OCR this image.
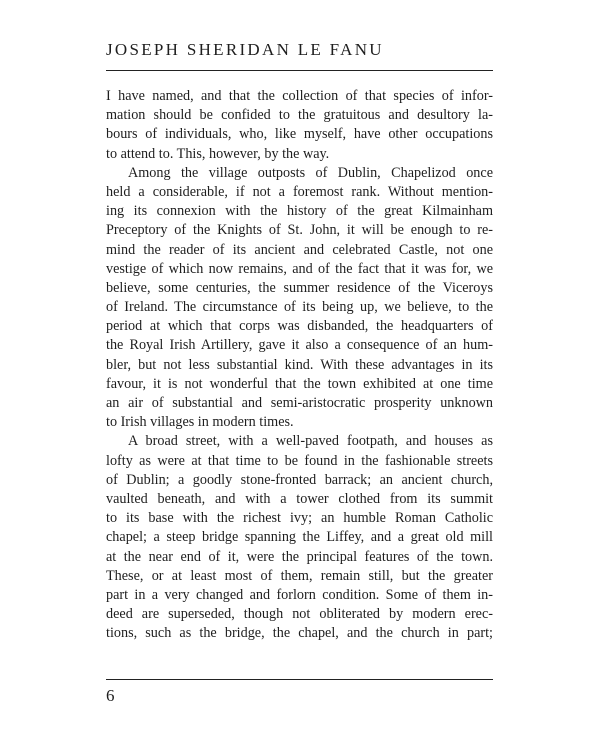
JOSEPH SHERIDAN LE FANU
I have named, and that the collection of that species of infor-
mation should be confided to the gratuitous and desultory la-
bours of individuals, who, like myself, have other occupations
to attend to. This, however, by the way.
Among the village outposts of Dublin, Chapelizod once
held a considerable, if not a foremost rank. Without mention-
ing its connexion with the history of the great Kilmainham
Preceptory of the Knights of St. John, it will be enough to re-
mind the reader of its ancient and celebrated Castle, not one
vestige of which now remains, and of the fact that it was for, we
believe, some centuries, the summer residence of the Viceroys
of Ireland. The circumstance of its being up, we believe, to the
period at which that corps was disbanded, the headquarters of
the Royal Irish Artillery, gave it also a consequence of an hum-
bler, but not less substantial kind. With these advantages in its
favour, it is not wonderful that the town exhibited at one time
an air of substantial and semi-aristocratic prosperity unknown
to Irish villages in modern times.
A broad street, with a well-paved footpath, and houses as
lofty as were at that time to be found in the fashionable streets
of Dublin; a goodly stone-fronted barrack; an ancient church,
vaulted beneath, and with a tower clothed from its summit
to its base with the richest ivy; an humble Roman Catholic
chapel; a steep bridge spanning the Liffey, and a great old mill
at the near end of it, were the principal features of the town.
These, or at least most of them, remain still, but the greater
part in a very changed and forlorn condition. Some of them in-
deed are superseded, though not obliterated by modern erec-
tions, such as the bridge, the chapel, and the church in part;
6
